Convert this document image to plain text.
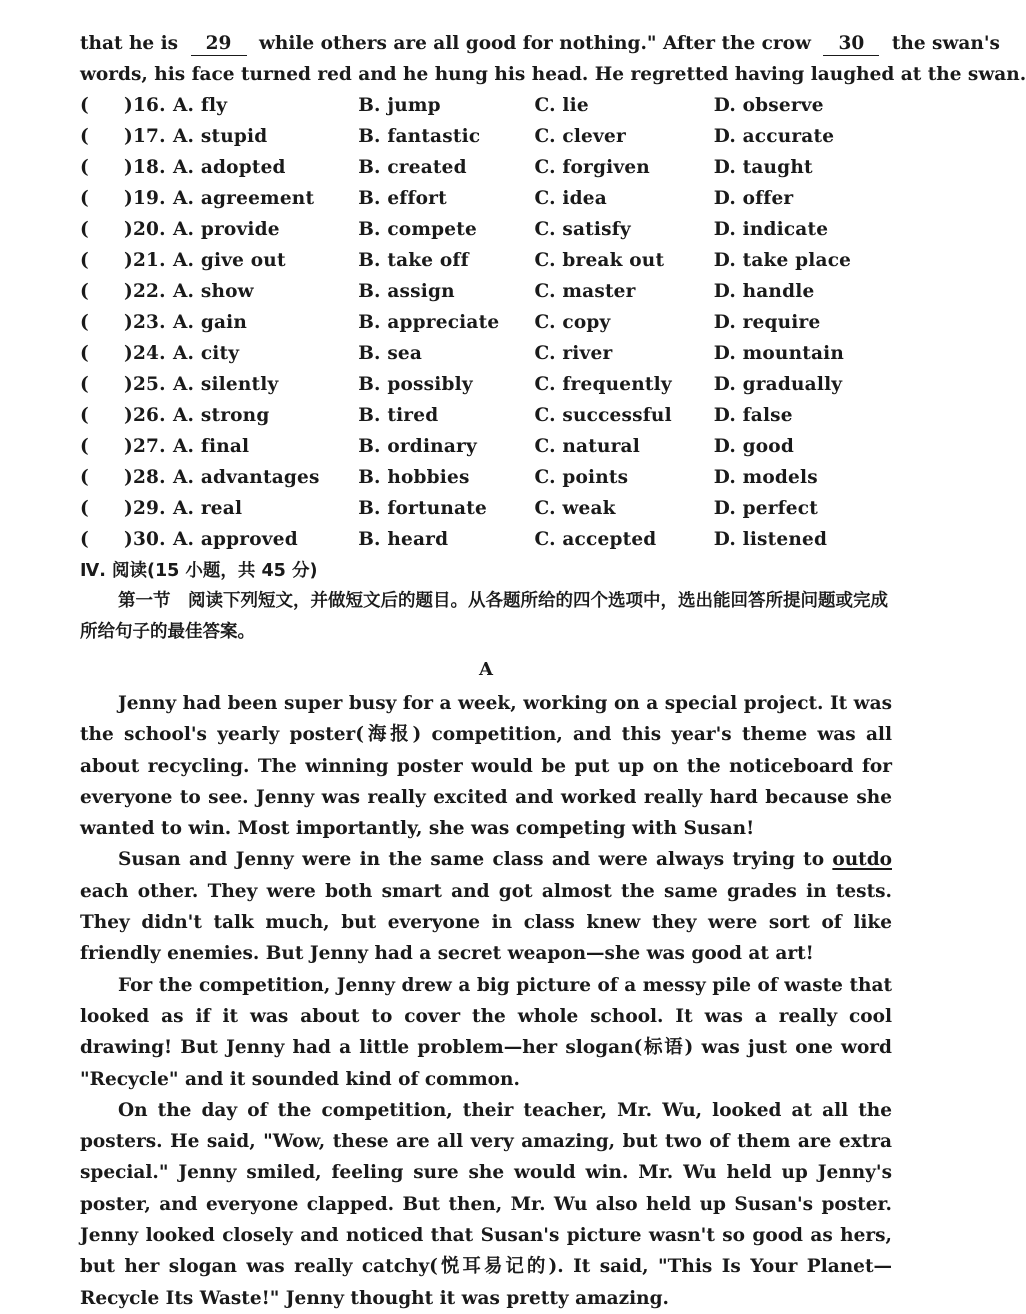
that he is 29 while others are all good for nothing." After the crow 30 the swan's
words, his face turned red and he hung his head. He regretted having laughed at the swan.
(	)16. A. fly	B. jump	C. lie	D. observe
(	)17. A. stupid	B. fantastic	C. clever	D. accurate
(	)18. A. adopted	B. created	C. forgiven	D. taught
(	)19. A. agreement	B. effort	C. idea	D. offer
(	)20. A. provide	B. compete	C. satisfy	D. indicate
(	)21. A. give out	B. take off	C. break out	D. take place
(	)22. A. show	B. assign	C. master	D. handle
(	)23. A. gain	B. appreciate	C. copy	D. require
(	)24. A. city	B. sea	C. river	D. mountain
(	)25. A. silently	B. possibly	C. frequently	D. gradually
(	)26. A. strong	B. tired	C. successful	D. false
(	)27. A. final	B. ordinary	C. natural	D. good
(	)28. A. advantages	B. hobbies	C. points	D. models
(	)29. A. real	B. fortunate	C. weak	D. perfect
(	)30. A. approved	B. heard	C. accepted	D. listened
Ⅳ. 阅读(15 小题，共 45 分)
第一节　阅读下列短文，并做短文后的题目。从各题所给的四个选项中，选出能回答所提问题或完成所给句子的最佳答案。
A

Jenny had been super busy for a week, working on a special project. It was the school's yearly poster(海报) competition, and this year's theme was all about recycling. The winning poster would be put up on the noticeboard for everyone to see. Jenny was really excited and worked really hard because she wanted to win. Most importantly, she was competing with Susan!

Susan and Jenny were in the same class and were always trying to outdo each other. They were both smart and got almost the same grades in tests. They didn't talk much, but everyone in class knew they were sort of like friendly enemies. But Jenny had a secret weapon—she was good at art!

For the competition, Jenny drew a big picture of a messy pile of waste that looked as if it was about to cover the whole school. It was a really cool drawing! But Jenny had a little problem—her slogan(标语) was just one word "Recycle" and it sounded kind of common.

On the day of the competition, their teacher, Mr. Wu, looked at all the posters. He said, "Wow, these are all very amazing, but two of them are extra special." Jenny smiled, feeling sure she would win. Mr. Wu held up Jenny's poster, and everyone clapped. But then, Mr. Wu also held up Susan's poster. Jenny looked closely and noticed that Susan's picture wasn't so good as hers, but her slogan was really catchy(悦耳易记的). It said, "This Is Your Planet—Recycle Its Waste!" Jenny thought it was pretty amazing.
